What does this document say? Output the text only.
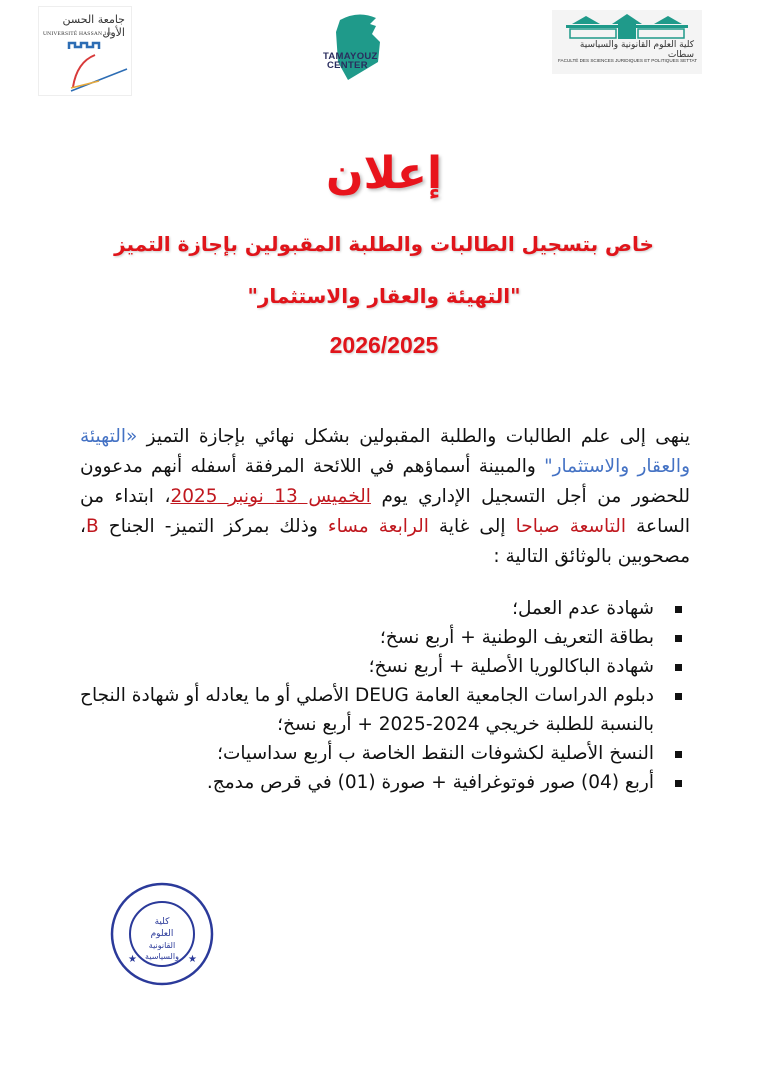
جامعة الحسن الأول
UNIVERSITÉ HASSAN 1er
TAMAYOUZ
CENTER
كلية العلوم القانونية والسياسية سطات
FACULTÉ DES SCIENCES JURIDIQUES ET POLITIQUES SETTAT
إعلان
خاص بتسجيل الطالبات والطلبة المقبولين بإجازة التميز
"التهيئة والعقار والاستثمار"
2026/2025
ينهى إلى علم الطالبات والطلبة المقبولين بشكل نهائي بإجازة التميز «التهيئة والعقار والاستثمار" والمبينة أسماؤهم في اللائحة المرفقة أسفله أنهم مدعوون للحضور من أجل التسجيل الإداري يوم الخميس 13 نونبر 2025، ابتداء من الساعة التاسعة صباحا إلى غاية الرابعة مساء وذلك بمركز التميز- الجناح B، مصحوبين بالوثائق التالية :
شهادة عدم العمل؛
بطاقة التعريف الوطنية + أربع نسخ؛
شهادة الباكالوريا الأصلية + أربع نسخ؛
دبلوم الدراسات الجامعية العامة DEUG الأصلي أو ما يعادله أو شهادة النجاح بالنسبة للطلبة خريجي 2024-2025 + أربع نسخ؛
النسخ الأصلية لكشوفات النقط الخاصة ب أربع سداسيات؛
أربع (04) صور فوتوغرافية + صورة (01) في قرص مدمج.
كلية
العلوم
القانونية
والسياسية
★	★
